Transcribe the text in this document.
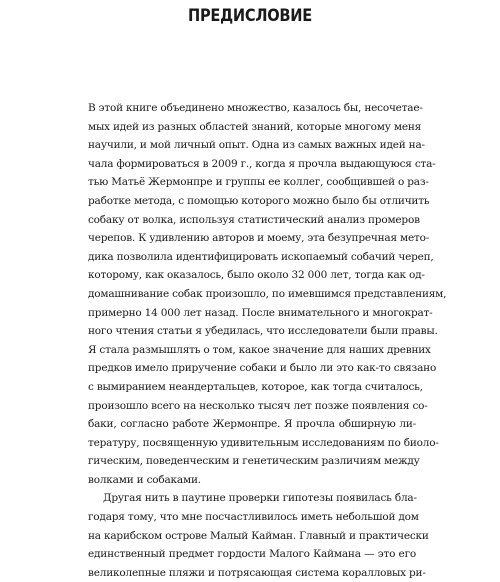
ПРЕДИСЛОВИЕ
В этой книге объединено множество, казалось бы, несочетае-
мых идей из разных областей знаний, которые многому меня
научили, и мой личный опыт. Одна из самых важных идей на-
чала формироваться в 2009 г., когда я прочла выдающуюся ста-
тью Матьё Жермонпре и группы ее коллег, сообщившей о раз-
работке метода, с помощью которого можно было бы отличить
собаку от волка, используя статистический анализ промеров
черепов. К удивлению авторов и моему, эта безупречная мето-
дика позволила идентифицировать ископаемый собачий череп,
которому, как оказалось, было около 32 000 лет, тогда как од-
домашнивание собак произошло, по имевшимся представлениям,
примерно 14 000 лет назад. После внимательного и многократ-
ного чтения статьи я убедилась, что исследователи были правы.
Я стала размышлять о том, какое значение для наших древних
предков имело приручение собаки и было ли это как-то связано
с вымиранием неандертальцев, которое, как тогда считалось,
произошло всего на несколько тысяч лет позже появления со-
баки, согласно работе Жермонпре. Я прочла обширную ли-
тературу, посвященную удивительным исследованиям по биоло-
гическим, поведенческим и генетическим различиям между
волками и собаками.
Другая нить в паутине проверки гипотезы появилась бла-
годаря тому, что мне посчастливилось иметь небольшой дом
на карибском острове Малый Кайман. Главный и практически
единственный предмет гордости Малого Кайманa — это его
великолепные пляжи и потрясающая система коралловых ри-
